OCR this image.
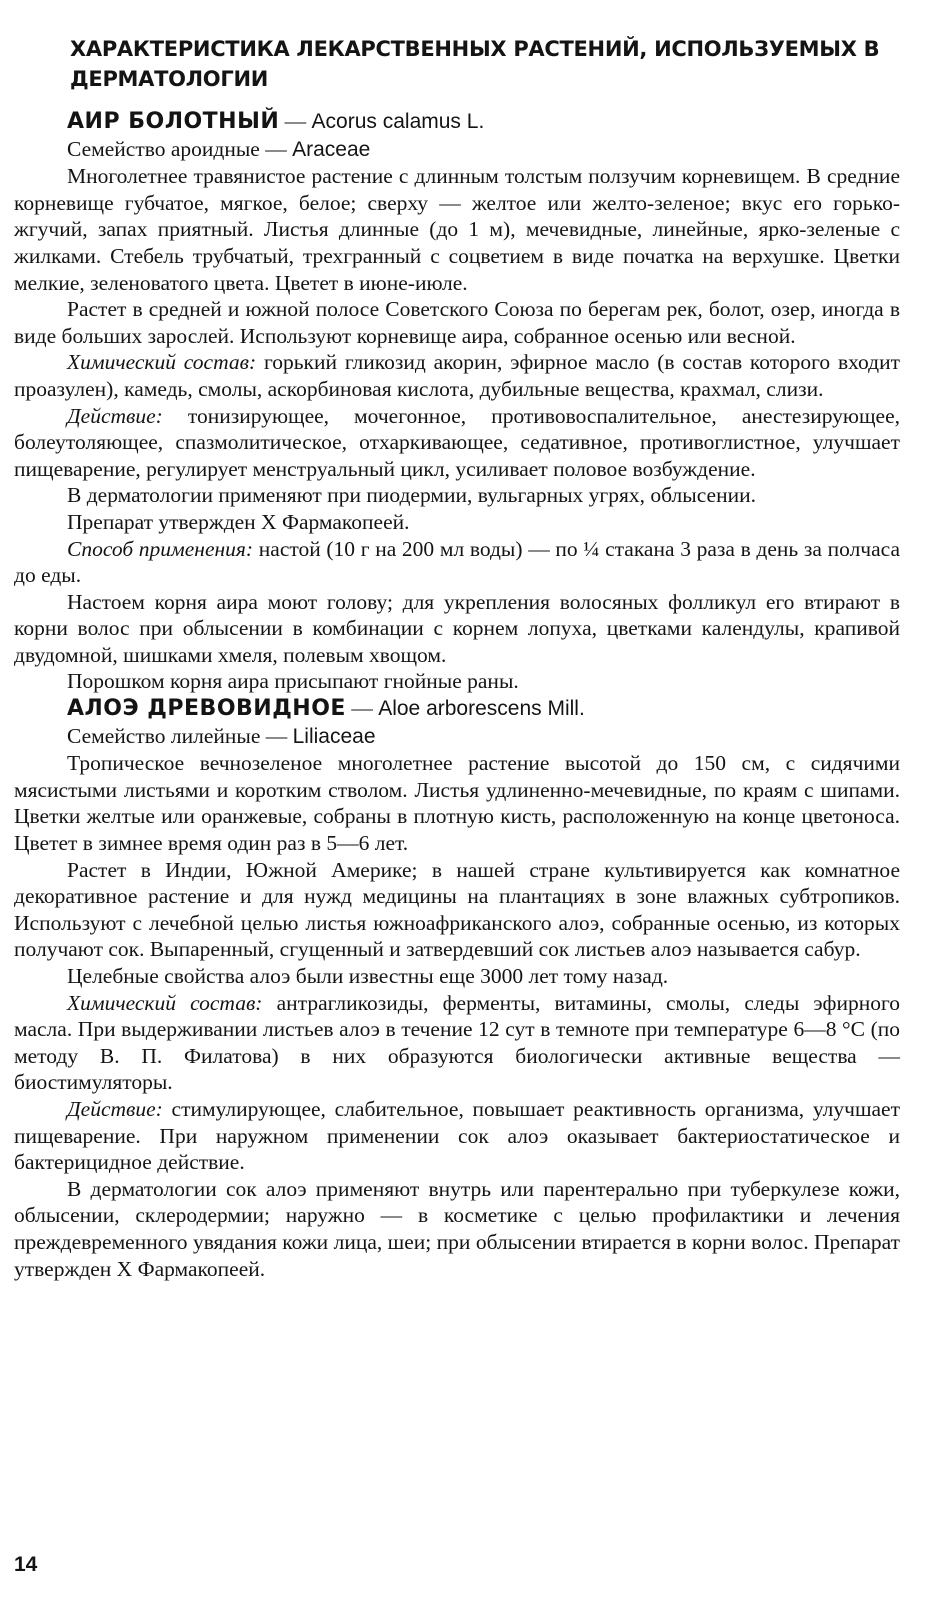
ХАРАКТЕРИСТИКА ЛЕКАРСТВЕННЫХ РАСТЕНИЙ, ИСПОЛЬЗУЕМЫХ В ДЕРМАТОЛОГИИ

АИР БОЛОТНЫЙ — Acorus calamus L.

Семейство ароидные — Araceae

Многолетнее травянистое растение с длинным толстым ползучим корневищем. В средние корневище губчатое, мягкое, белое; сверху — желтое или желто-зеленое; вкус его горько-жгучий, запах приятный. Листья длинные (до 1 м), мечевидные, линейные, ярко-зеленые с жилками. Стебель трубчатый, трехгранный с соцветием в виде початка на верхушке. Цветки мелкие, зеленоватого цвета. Цветет в июне-июле.

Растет в средней и южной полосе Советского Союза по берегам рек, болот, озер, иногда в виде больших зарослей. Используют корневище аира, собранное осенью или весной.

Химический состав: горький гликозид акорин, эфирное масло (в состав которого входит проазулен), камедь, смолы, аскорбиновая кислота, дубильные вещества, крахмал, слизи.

Действие: тонизирующее, мочегонное, противовоспалительное, анестезирующее, болеутоляющее, спазмолитическое, отхаркивающее, седативное, противоглистное, улучшает пищеварение, регулирует менструальный цикл, усиливает половое возбуждение.

В дерматологии применяют при пиодермии, вульгарных угрях, облысении.

Препарат утвержден X Фармакопеей.

Способ применения: настой (10 г на 200 мл воды) — по ¼ стакана 3 раза в день за полчаса до еды.

Настоем корня аира моют голову; для укрепления волосяных фолликул его втирают в корни волос при облысении в комбинации с корнем лопуха, цветками календулы, крапивой двудомной, шишками хмеля, полевым хвощом.

Порошком корня аира присыпают гнойные раны.

АЛОЭ ДРЕВОВИДНОЕ — Aloe arborescens Mill.

Семейство лилейные — Liliaceae

Тропическое вечнозеленое многолетнее растение высотой до 150 см, с сидячими мясистыми листьями и коротким стволом. Листья удлиненно-мечевидные, по краям с шипами. Цветки желтые или оранжевые, собраны в плотную кисть, расположенную на конце цветоноса. Цветет в зимнее время один раз в 5—6 лет.

Растет в Индии, Южной Америке; в нашей стране культивируется как комнатное декоративное растение и для нужд медицины на плантациях в зоне влажных субтропиков. Используют с лечебной целью листья южноафриканского алоэ, собранные осенью, из которых получают сок. Выпаренный, сгущенный и затвердевший сок листьев алоэ называется сабур.

Целебные свойства алоэ были известны еще 3000 лет тому назад.

Химический состав: антрагликозиды, ферменты, витамины, смолы, следы эфирного масла. При выдерживании листьев алоэ в течение 12 сут в темноте при температуре 6—8 °С (по методу В. П. Филатова) в них образуются биологически активные вещества — биостимуляторы.

Действие: стимулирующее, слабительное, повышает реактивность организма, улучшает пищеварение. При наружном применении сок алоэ оказывает бактериостатическое и бактерицидное действие.

В дерматологии сок алоэ применяют внутрь или парентерально при туберкулезе кожи, облысении, склеродермии; наружно — в косметике с целью профилактики и лечения преждевременного увядания кожи лица, шеи; при облысении втирается в корни волос. Препарат утвержден X Фармакопеей.

14
